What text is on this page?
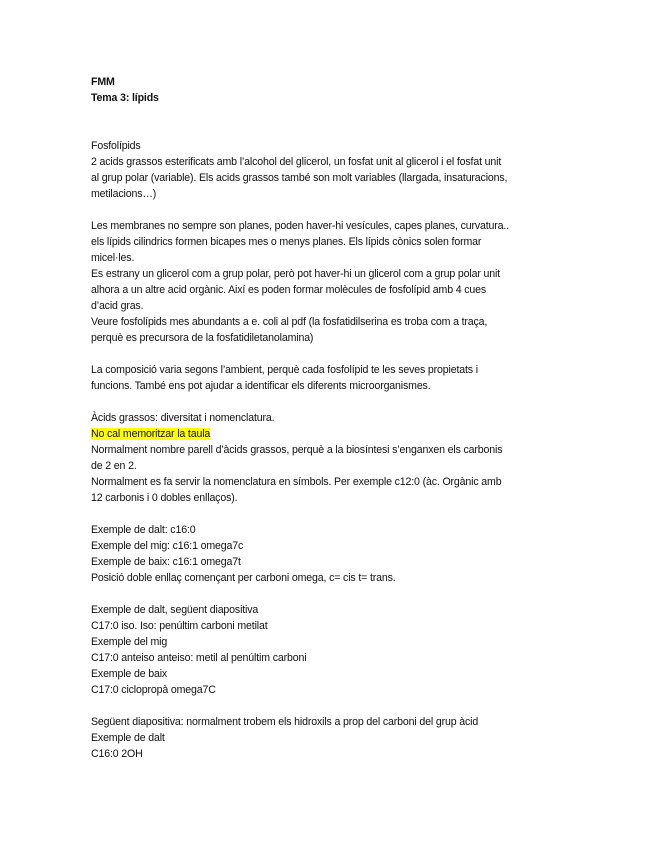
FMM
Tema 3: lípids
Fosfolípids
2 acids grassos esterificats amb l’alcohol del glicerol, un fosfat unit al glicerol i el fosfat unit
al grup polar (variable). Els acids grassos també son molt variables (llargada, insaturacions,
metilacions…)
Les membranes no sempre son planes, poden haver-hi vesícules, capes planes, curvatura..
els lípids cilindrics formen bicapes mes o menys planes. Els lípids cònics solen formar
micel·les.
Es estrany un glicerol com a grup polar, però pot haver-hi un glicerol com a grup polar unit
alhora a un altre acid orgànic. Així es poden formar molècules de fosfolípid amb 4 cues
d’acid gras.
Veure fosfolípids mes abundants a e. coli al pdf (la fosfatidilserina es troba com a traça,
perquè es precursora de la fosfatidiletanolamina)
La composició varia segons l’ambient, perquè cada fosfolípid te les seves propietats i
funcions. També ens pot ajudar a identificar els diferents microorganismes.
Àcids grassos: diversitat i nomenclatura.
No cal memoritzar la taula
Normalment nombre parell d’àcids grassos, perquè a la biosíntesi s’enganxen els carbonis
de 2 en 2.
Normalment es fa servir la nomenclatura en símbols. Per exemple c12:0 (àc. Orgànic amb
12 carbonis i 0 dobles enllaços).
Exemple de dalt: c16:0
Exemple del mig: c16:1 omega7c
Exemple de baix: c16:1 omega7t
Posició doble enllaç començant per carboni omega, c= cis t= trans.
Exemple de dalt, següent diapositiva
C17:0 iso. Iso: penúltim carboni metilat
Exemple del mig
C17:0 anteiso anteiso: metil al penúltim carboni
Exemple de baix
C17:0 ciclopropà omega7C
Següent diapositiva: normalment trobem els hidroxils a prop del carboni del grup àcid
Exemple de dalt
C16:0 2OH
